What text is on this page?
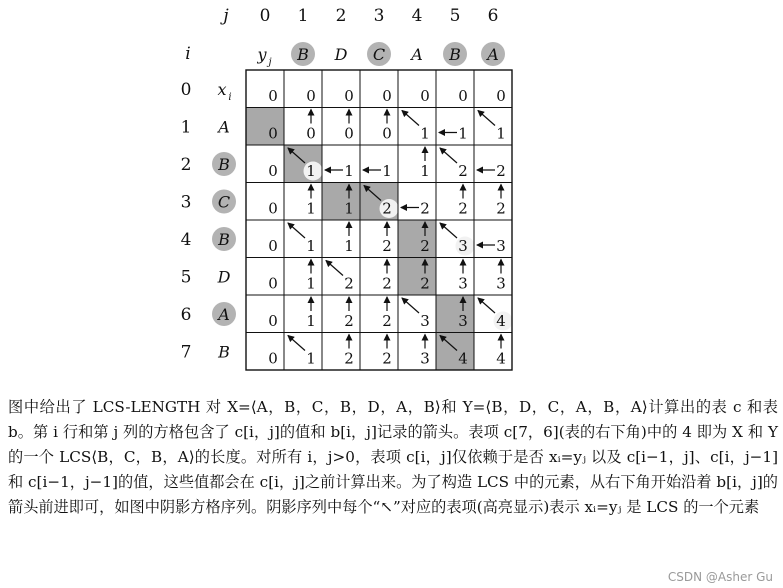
0 0 0 0 0 0 0
0 0 0 0 1 1 1
0 1 1 1 1 2 2
0 1 1 2 2 2 2
0 1 1 2 2 3 3
0 1 2 2 2 3 3
0 1 2 2 3 3 4
0 1 2 2 3 4 4
j 0 1 2 3 4 5 6
i	y j B D C A B A
0
1
2
3
4
5
6
7
x i
A
B
C
B
D
A
B

图中给出了 LCS-LENGTH 对 X=⟨A，B，C，B，D，A，B⟩和 Y=⟨B，D，C，A，B，A⟩计算出的表 c 和表 b。第 i 行和第 j 列的方格包含了 c[i，j]的值和 b[i，j]记录的箭头。表项 c[7，6](表的右下角)中的 4 即为 X 和 Y 的一个 LCS⟨B，C，B，A⟩的长度。对所有 i，j>0，表项 c[i，j]仅依赖于是否 xᵢ=yⱼ 以及 c[i−1，j]、c[i，j−1]和 c[i−1，j−1]的值，这些值都会在 c[i，j]之前计算出来。为了构造 LCS 中的元素，从右下角开始沿着 b[i，j]的箭头前进即可，如图中阴影方格序列。阴影序列中每个“↖”对应的表项(高亮显示)表示 xᵢ=yⱼ 是 LCS 的一个元素

CSDN @Asher Gu
